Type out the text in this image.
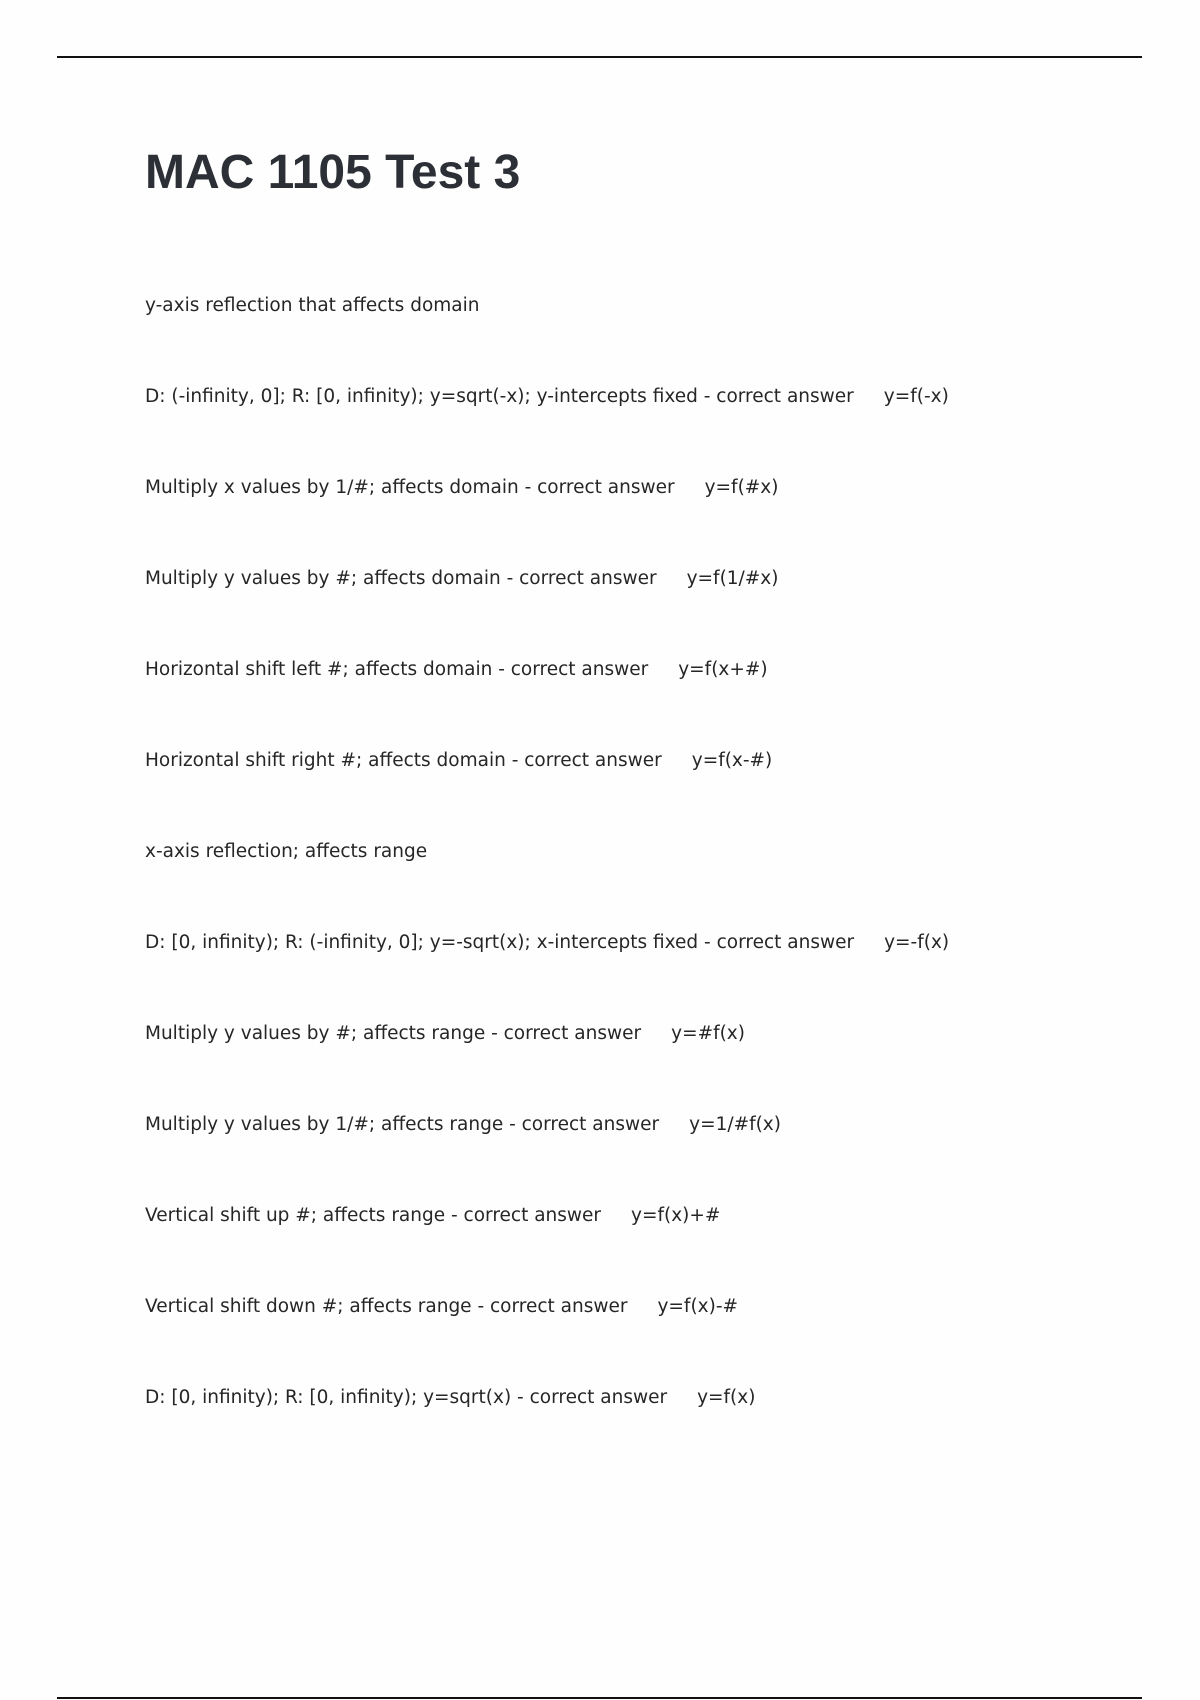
MAC 1105 Test 3
y-axis reflection that affects domain
D: (-infinity, 0]; R: [0, infinity); y=sqrt(-x); y-intercepts fixed - correct answer y=f(-x)
Multiply x values by 1/#; affects domain - correct answer y=f(#x)
Multiply y values by #; affects domain - correct answer y=f(1/#x)
Horizontal shift left #; affects domain - correct answer y=f(x+#)
Horizontal shift right #; affects domain - correct answer y=f(x-#)
x-axis reflection; affects range
D: [0, infinity); R: (-infinity, 0]; y=-sqrt(x); x-intercepts fixed - correct answer y=-f(x)
Multiply y values by #; affects range - correct answer y=#f(x)
Multiply y values by 1/#; affects range - correct answer y=1/#f(x)
Vertical shift up #; affects range - correct answer y=f(x)+#
Vertical shift down #; affects range - correct answer y=f(x)-#
D: [0, infinity); R: [0, infinity); y=sqrt(x) - correct answer y=f(x)
